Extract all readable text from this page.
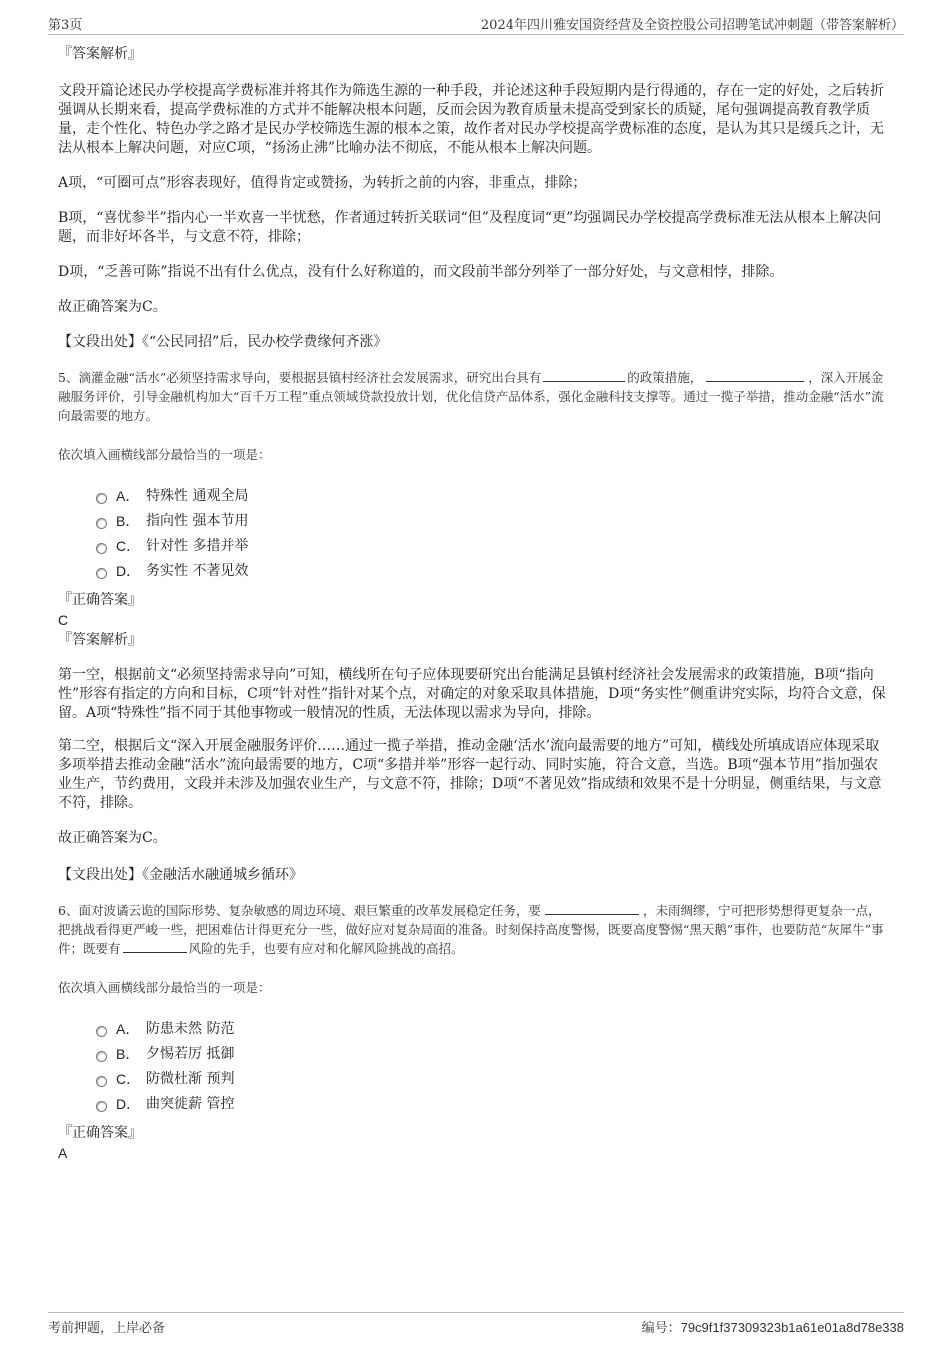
第3页	2024年四川雅安国资经营及全资控股公司招聘笔试冲刺题（带答案解析）

『答案解析』

文段开篇论述民办学校提高学费标准并将其作为筛选生源的一种手段，并论述这种手段短期内是行得通的，存在一定的好处，之后转折强调从长期来看，提高学费标准的方式并不能解决根本问题，反而会因为教育质量未提高受到家长的质疑，尾句强调提高教育教学质量，走个性化、特色办学之路才是民办学校筛选生源的根本之策，故作者对民办学校提高学费标准的态度，是认为其只是缓兵之计，无法从根本上解决问题，对应C项，“扬汤止沸”比喻办法不彻底，不能从根本上解决问题。

A项，“可圈可点”形容表现好，值得肯定或赞扬，为转折之前的内容，非重点，排除；

B项，“喜忧参半”指内心一半欢喜一半忧愁，作者通过转折关联词“但”及程度词“更”均强调民办学校提高学费标准无法从根本上解决问题，而非好坏各半，与文意不符，排除；

D项，“乏善可陈”指说不出有什么优点，没有什么好称道的，而文段前半部分列举了一部分好处，与文意相悖，排除。

故正确答案为C。

【文段出处】《“公民同招”后，民办校学费缘何齐涨》

5、滴灌金融“活水”必须坚持需求导向，要根据县镇村经济社会发展需求，研究出台具有	的政策措施，	，深入开展金融服务评价，引导金融机构加大“百千万工程”重点领域贷款投放计划，优化信贷产品体系，强化金融科技支撑等。通过一揽子举措，推动金融“活水”流向最需要的地方。

依次填入画横线部分最恰当的一项是：

A． 特殊性 通观全局
B． 指向性 强本节用
C． 针对性 多措并举
D． 务实性 不著见效

『正确答案』

C

『答案解析』

第一空，根据前文“必须坚持需求导向”可知，横线所在句子应体现要研究出台能满足县镇村经济社会发展需求的政策措施，B项“指向性”形容有指定的方向和目标，C项“针对性”指针对某个点，对确定的对象采取具体措施，D项“务实性”侧重讲究实际，均符合文意，保留。A项“特殊性”指不同于其他事物或一般情况的性质，无法体现以需求为导向，排除。

第二空，根据后文“深入开展金融服务评价……通过一揽子举措，推动金融‘活水’流向最需要的地方”可知，横线处所填成语应体现采取多项举措去推动金融“活水”流向最需要的地方，C项“多措并举”形容一起行动、同时实施，符合文意，当选。B项“强本节用”指加强农业生产，节约费用，文段并未涉及加强农业生产，与文意不符，排除；D项“不著见效”指成绩和效果不是十分明显，侧重结果，与文意不符，排除。

故正确答案为C。

【文段出处】《金融活水融通城乡循环》

6、面对波谲云诡的国际形势、复杂敏感的周边环境、艰巨繁重的改革发展稳定任务，要	，未雨绸缪，宁可把形势想得更复杂一点，把挑战看得更严峻一些，把困难估计得更充分一些，做好应对复杂局面的准备。时刻保持高度警惕，既要高度警惕“黑天鹅”事件，也要防范“灰犀牛”事件；既要有	风险的先手，也要有应对和化解风险挑战的高招。

依次填入画横线部分最恰当的一项是：

A． 防患未然 防范
B． 夕惕若厉 抵御
C． 防微杜渐 预判
D． 曲突徙薪 管控

『正确答案』

A

考前押题，上岸必备	编号：79c9f1f37309323b1a61e01a8d78e338
